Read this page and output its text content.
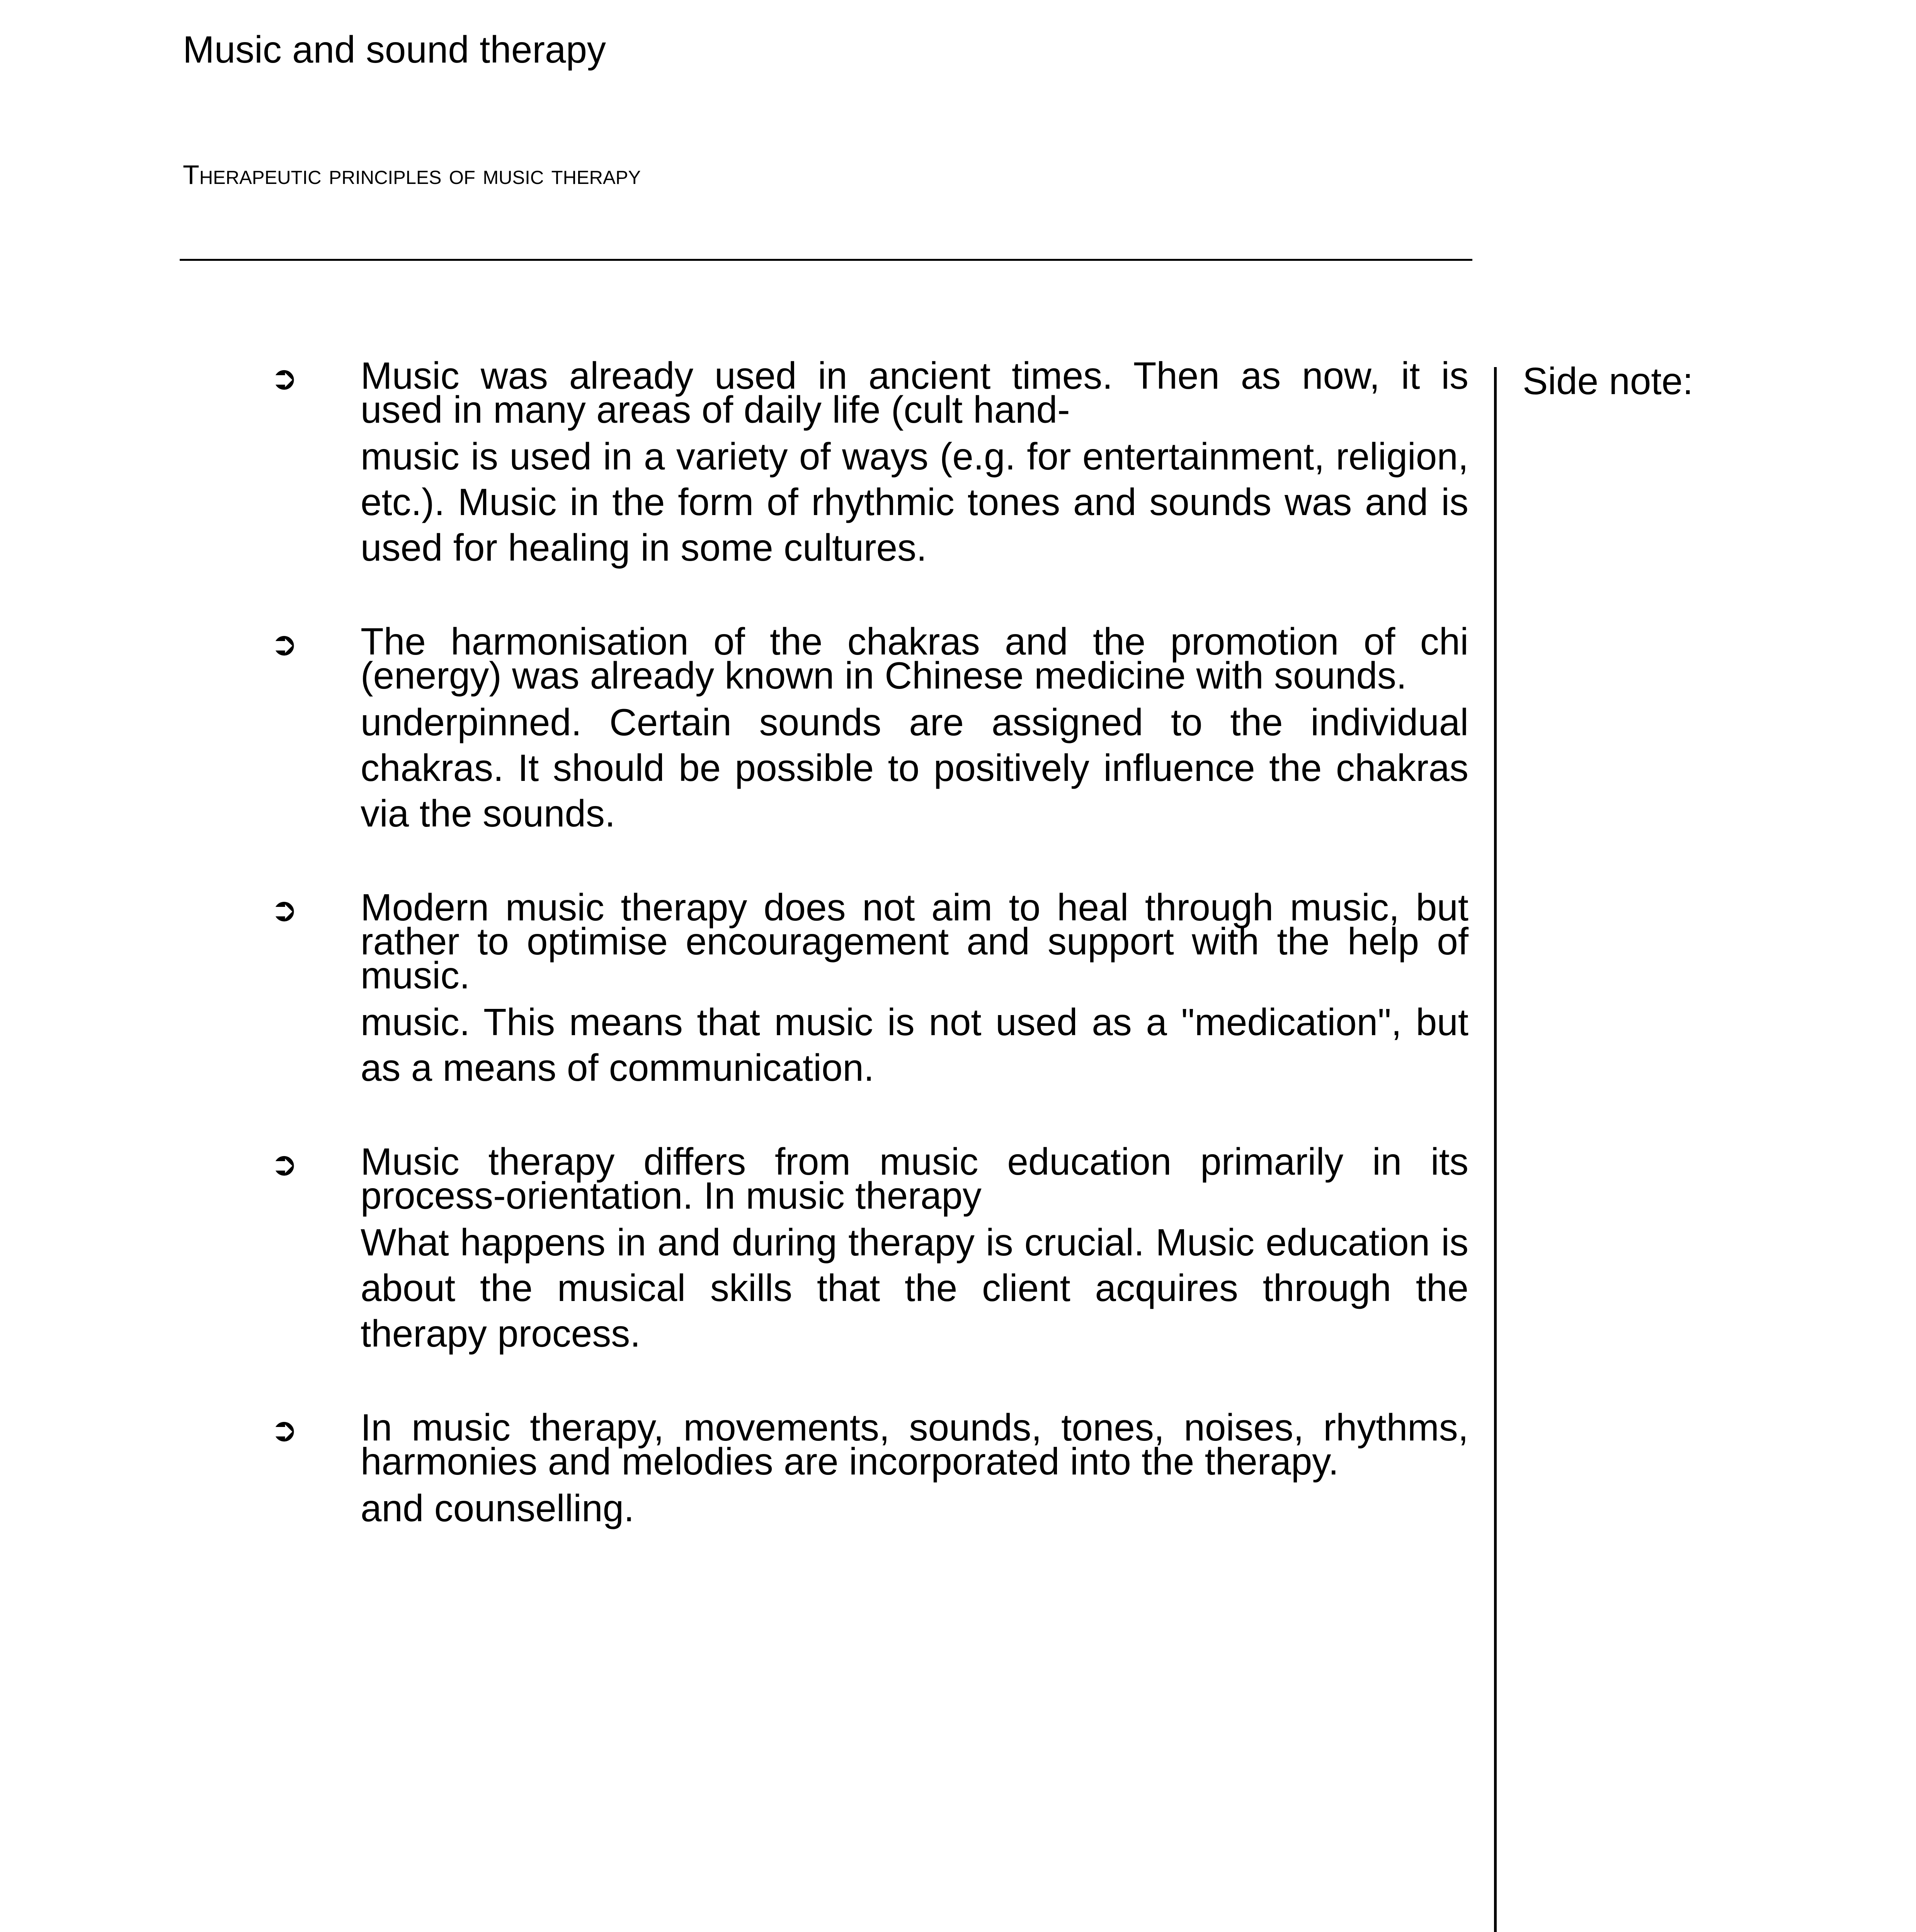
Music and sound therapy
Therapeutic principles of music therapy
Side note:
➲ Music was already used in ancient times. Then as now, it is
used in many areas of daily life (cult hand-
music is used in a variety of ways (e.g. for entertainment, religion, etc.). Music in the form of rhythmic tones and sounds was and is used for healing in some cultures.
➲ The harmonisation of the chakras and the promotion of chi
(energy) was already known in Chinese medicine with sounds.
underpinned. Certain sounds are assigned to the individual chakras. It should be possible to positively influence the chakras via the sounds.
➲ Modern music therapy does not aim to heal through music, but
rather to optimise encouragement and support with the help of
music.
music. This means that music is not used as a "medication", but as a means of communication.
➲ Music therapy differs from music education primarily in its
process-orientation. In music therapy
What happens in and during therapy is crucial. Music education is about the musical skills that the client acquires through the therapy process.
➲ In music therapy, movements, sounds, tones, noises, rhythms,
harmonies and melodies are incorporated into the therapy.
and counselling.
